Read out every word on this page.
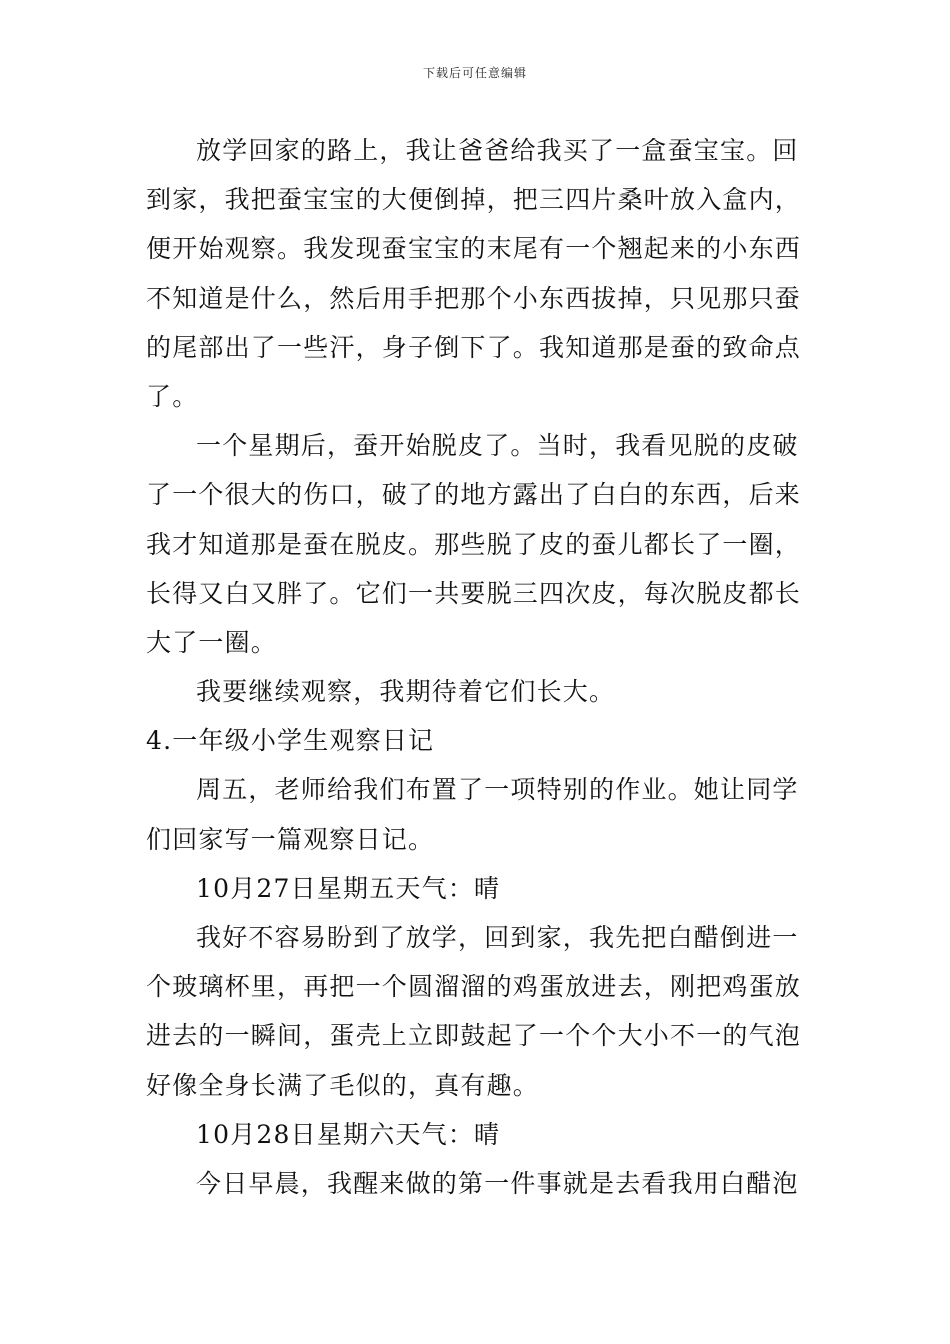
下载后可任意编辑
放学回家的路上，我让爸爸给我买了一盒蚕宝宝。回
到家，我把蚕宝宝的大便倒掉，把三四片桑叶放入盒内，
便开始观察。我发现蚕宝宝的末尾有一个翘起来的小东西
不知道是什么，然后用手把那个小东西拔掉，只见那只蚕
的尾部出了一些汗，身子倒下了。我知道那是蚕的致命点
了。
一个星期后，蚕开始脱皮了。当时，我看见脱的皮破
了一个很大的伤口，破了的地方露出了白白的东西，后来
我才知道那是蚕在脱皮。那些脱了皮的蚕儿都长了一圈，
长得又白又胖了。它们一共要脱三四次皮，每次脱皮都长
大了一圈。
我要继续观察，我期待着它们长大。
4.一年级小学生观察日记
周五，老师给我们布置了一项特别的作业。她让同学
们回家写一篇观察日记。
10月27日星期五天气：晴
我好不容易盼到了放学，回到家，我先把白醋倒进一
个玻璃杯里，再把一个圆溜溜的鸡蛋放进去，刚把鸡蛋放
进去的一瞬间，蛋壳上立即鼓起了一个个大小不一的气泡
好像全身长满了毛似的，真有趣。
10月28日星期六天气：晴
今日早晨，我醒来做的第一件事就是去看我用白醋泡
